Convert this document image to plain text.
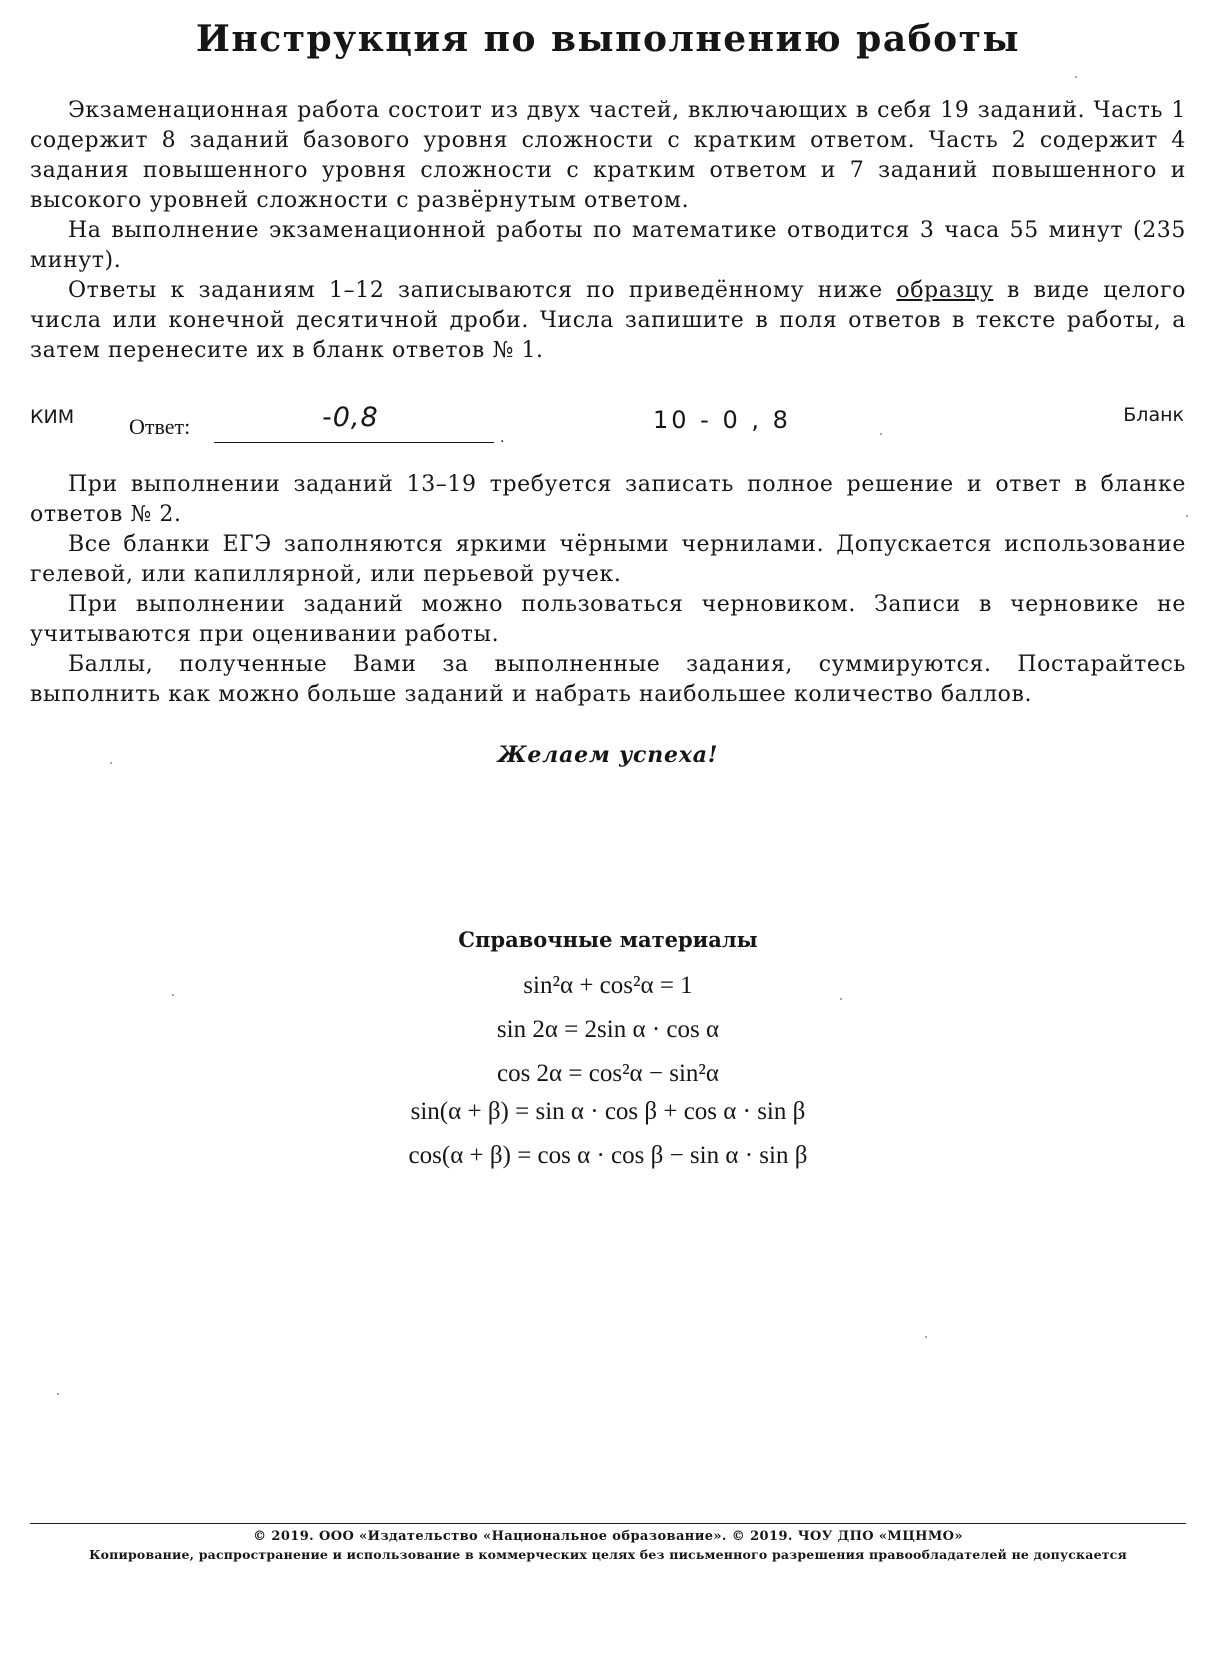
Инструкция по выполнению работы

Экзаменационная работа состоит из двух частей, включающих в себя 19 заданий. Часть 1 содержит 8 заданий базового уровня сложности с кратким ответом. Часть 2 содержит 4 задания повышенного уровня сложности с кратким ответом и 7 заданий повышенного и высокого уровней сложности с развёрнутым ответом.

На выполнение экзаменационной работы по математике отводится 3 часа 55 минут (235 минут).

Ответы к заданиям 1–12 записываются по приведённому ниже образцу в виде целого числа или конечной десятичной дроби. Числа запишите в поля ответов в тексте работы, а затем перенесите их в бланк ответов № 1.

КИМ Ответ:	-0,8
.
10 - 0 , 8	Бланк

При выполнении заданий 13–19 требуется записать полное решение и ответ в бланке ответов № 2.

Все бланки ЕГЭ заполняются яркими чёрными чернилами. Допускается использование гелевой, или капиллярной, или перьевой ручек.

При выполнении заданий можно пользоваться черновиком. Записи в черновике не учитываются при оценивании работы.

Баллы, полученные Вами за выполненные задания, суммируются. Постарайтесь выполнить как можно больше заданий и набрать наибольшее количество баллов.

Желаем успеха!
Справочные материалы
sin²α + cos²α = 1
sin 2α = 2sin α · cos α
cos 2α = cos²α − sin²α
sin(α + β) = sin α · cos β + cos α · sin β
cos(α + β) = cos α · cos β − sin α · sin β
© 2019. ООО «Издательство «Национальное образование». © 2019. ЧОУ ДПО «МЦНМО»
Копирование, распространение и использование в коммерческих целях без письменного разрешения правообладателей не допускается
